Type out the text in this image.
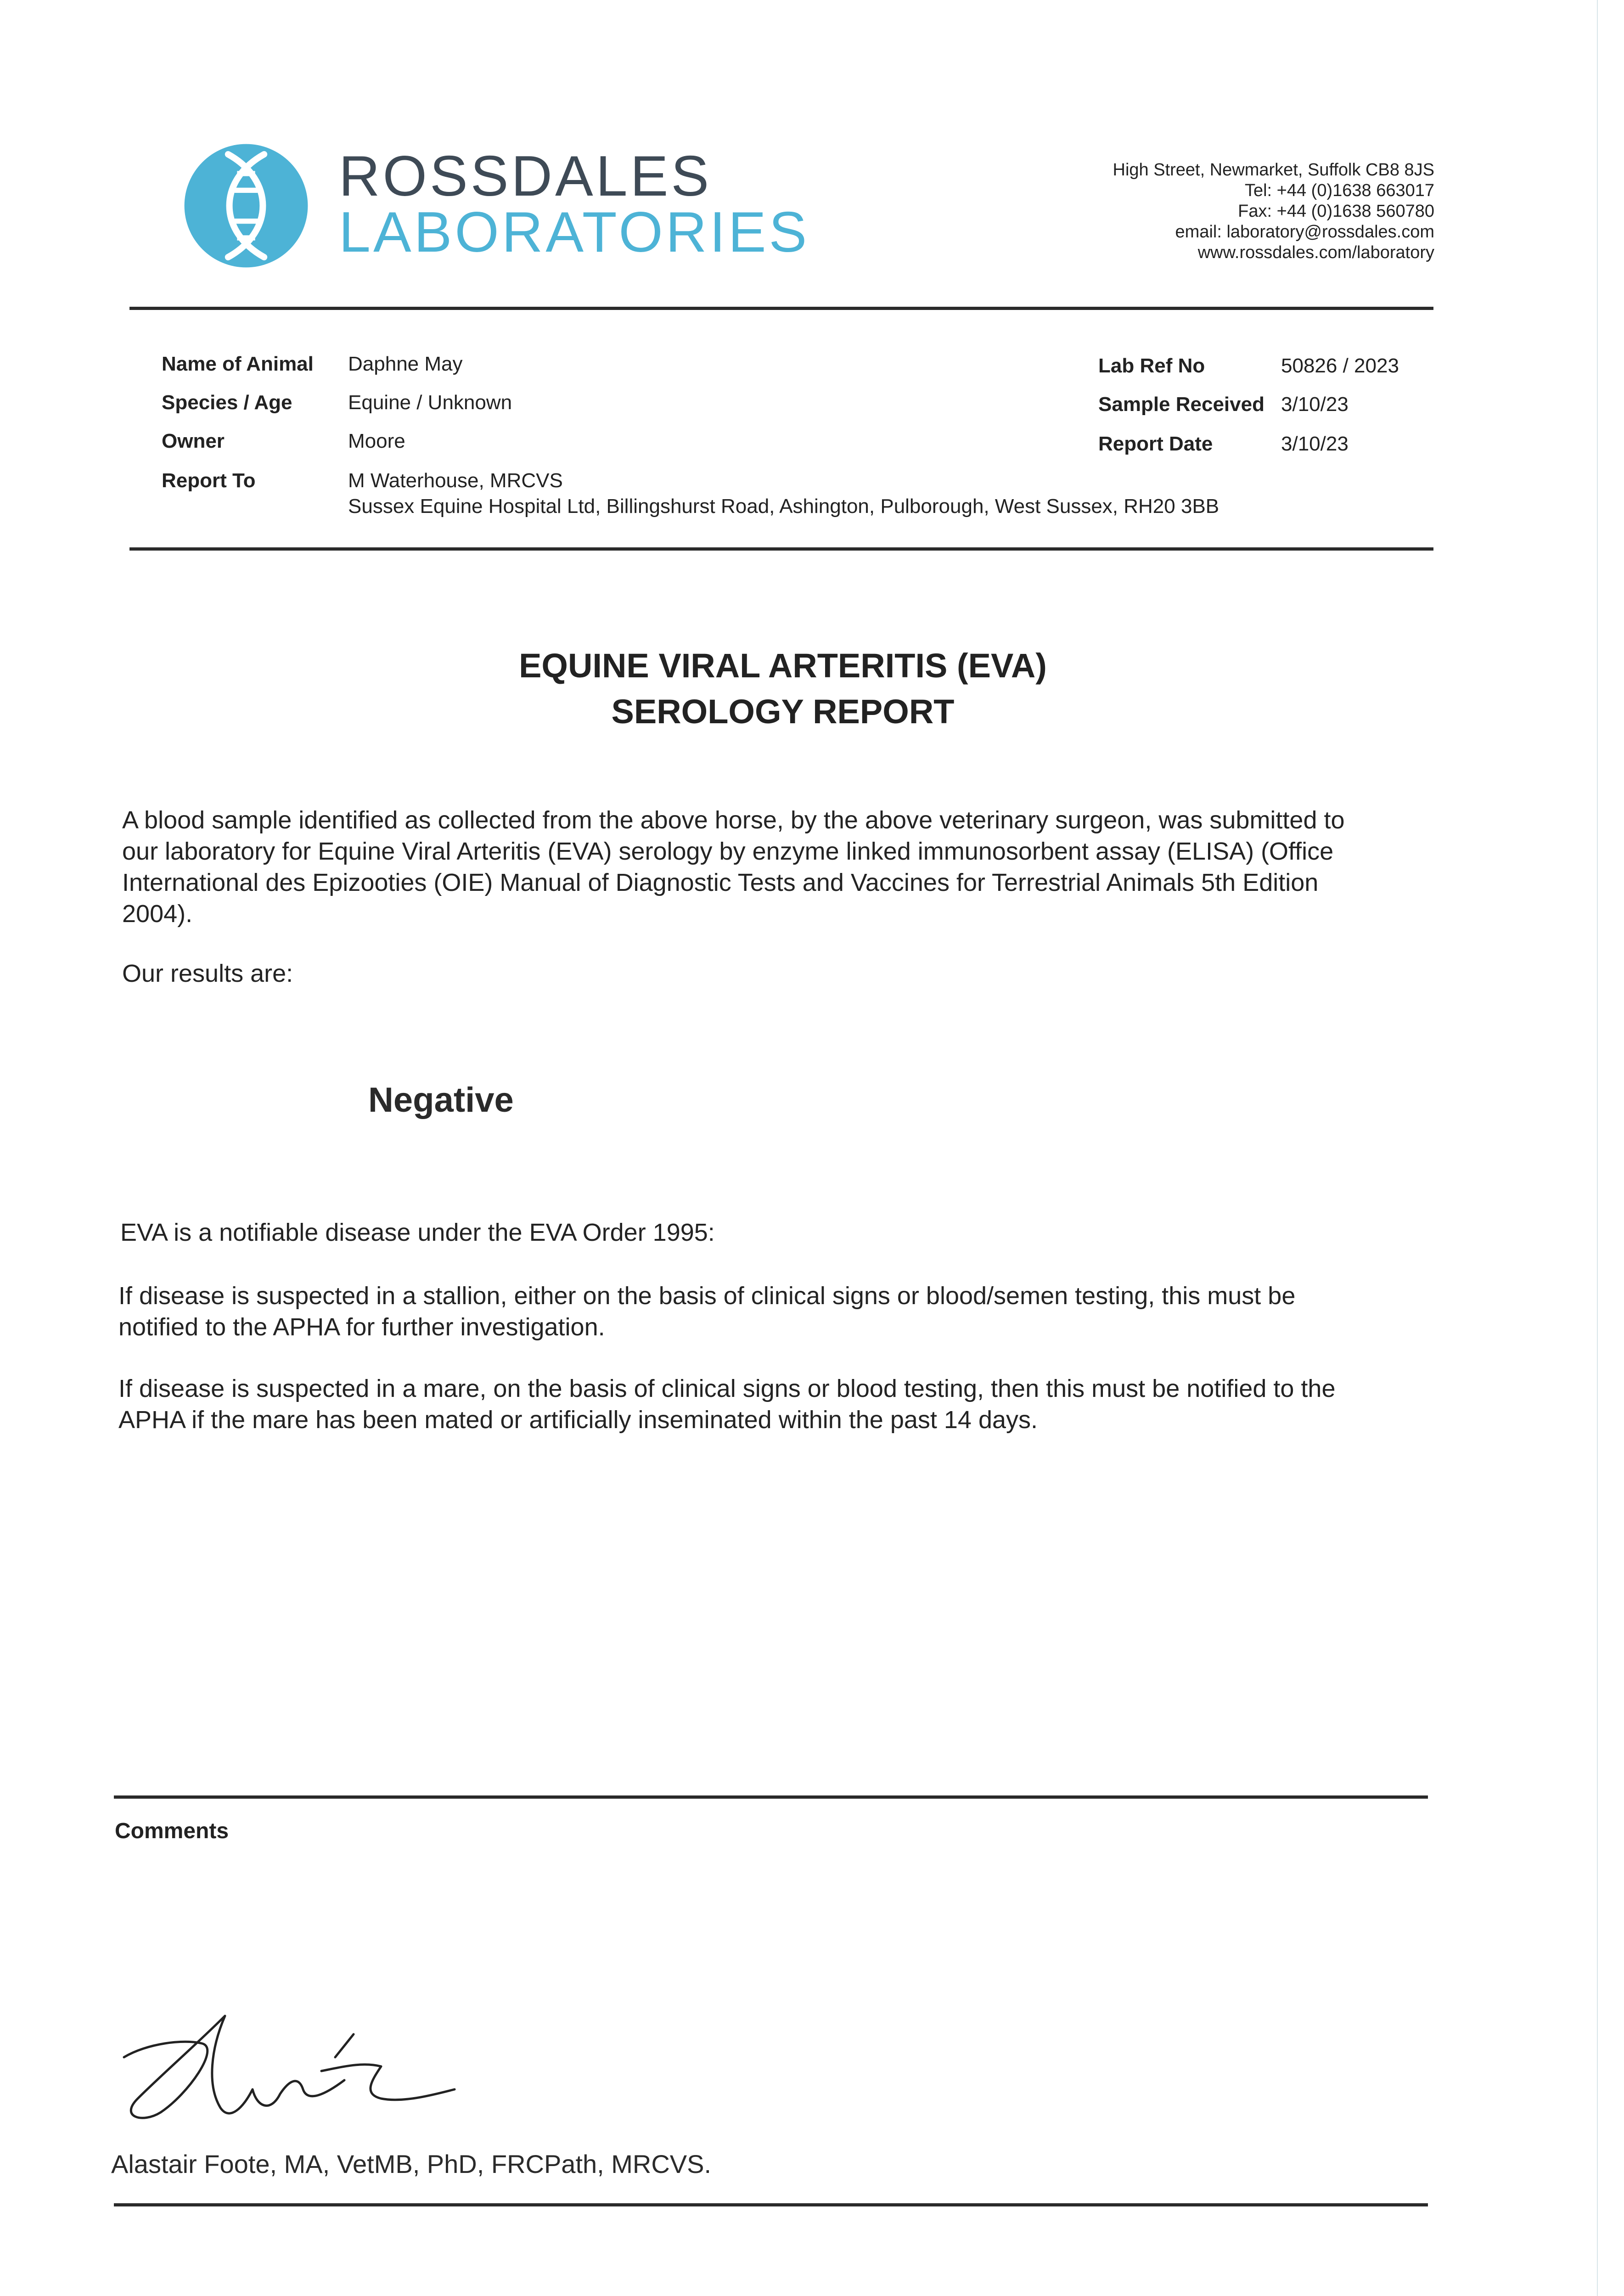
ROSSDALES
LABORATORIES
High Street, Newmarket, Suffolk CB8 8JS
Tel: +44 (0)1638 663017
Fax: +44 (0)1638 560780
email: laboratory@rossdales.com
www.rossdales.com/laboratory
Name of Animal Daphne May
Species / Age	Equine / Unknown
Owner	Moore
Report To	M Waterhouse, MRCVS
Sussex Equine Hospital Ltd, Billingshurst Road, Ashington, Pulborough, West Sussex, RH20 3BB
Lab Ref No	50826 / 2023
Sample Received 3/10/23
Report Date	3/10/23
EQUINE VIRAL ARTERITIS (EVA)
SEROLOGY REPORT
A blood sample identified as collected from the above horse, by the above veterinary surgeon, was submitted to
our laboratory for Equine Viral Arteritis (EVA) serology by enzyme linked immunosorbent assay (ELISA) (Office
International des Epizooties (OIE) Manual of Diagnostic Tests and Vaccines for Terrestrial Animals 5th Edition
2004).
Our results are:
Negative
EVA is a notifiable disease under the EVA Order 1995:
If disease is suspected in a stallion, either on the basis of clinical signs or blood/semen testing, this must be
notified to the APHA for further investigation.
If disease is suspected in a mare, on the basis of clinical signs or blood testing, then this must be notified to the
APHA if the mare has been mated or artificially inseminated within the past 14 days.
Comments
Alastair Foote, MA, VetMB, PhD, FRCPath, MRCVS.
